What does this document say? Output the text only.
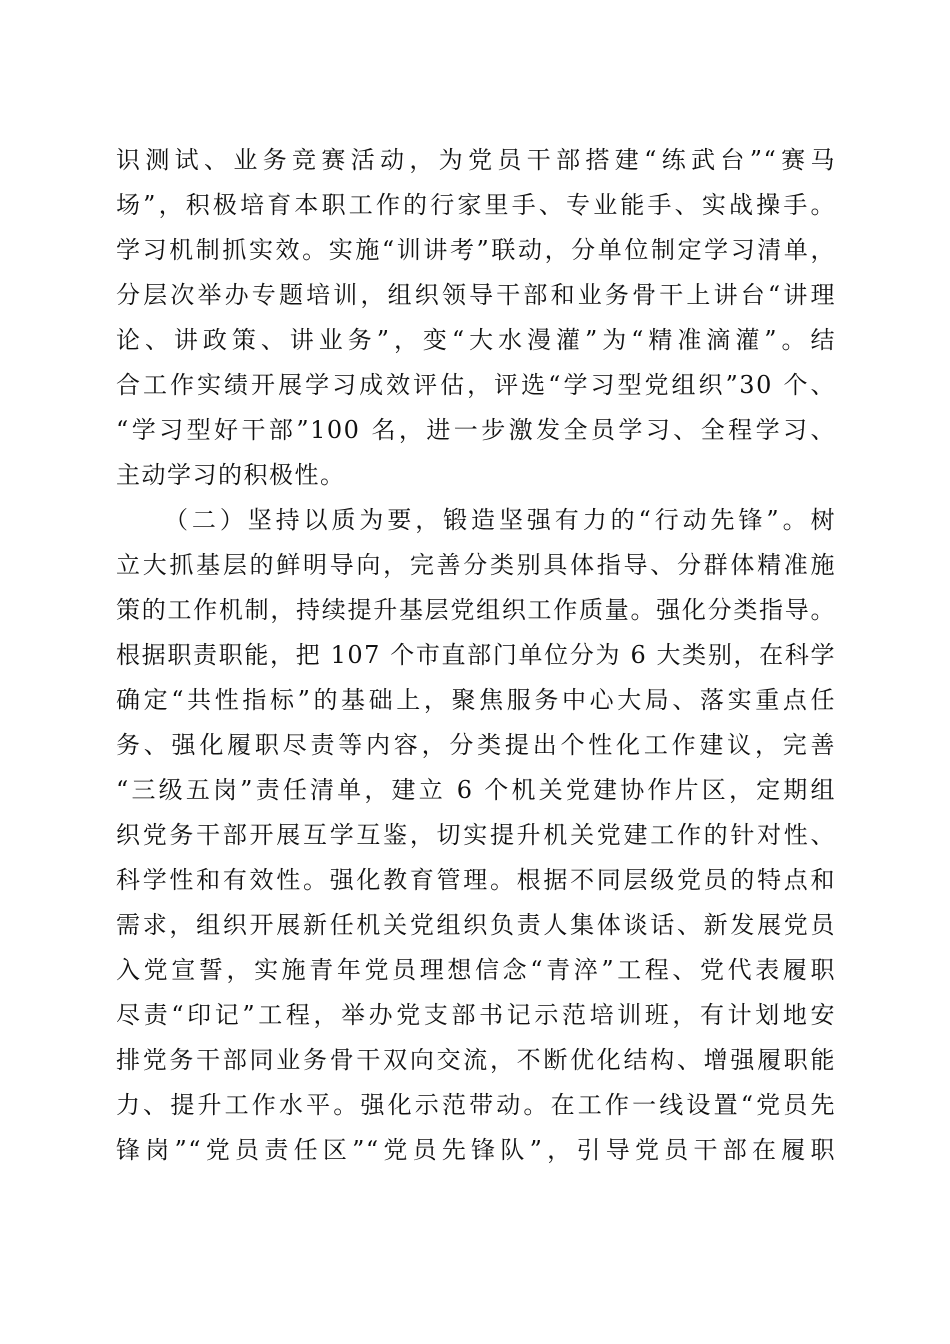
识测试、业务竞赛活动，为党员干部搭建“练武台”“赛马
场”，积极培育本职工作的行家里手、专业能手、实战操手。
学习机制抓实效。实施“训讲考”联动，分单位制定学习清单，
分层次举办专题培训，组织领导干部和业务骨干上讲台“讲理
论、讲政策、讲业务”，变“大水漫灌”为“精准滴灌”。结
合工作实绩开展学习成效评估，评选“学习型党组织”30 个、
“学习型好干部”100 名，进一步激发全员学习、全程学习、
主动学习的积极性。
（二）坚持以质为要，锻造坚强有力的“行动先锋”。树
立大抓基层的鲜明导向，完善分类别具体指导、分群体精准施
策的工作机制，持续提升基层党组织工作质量。强化分类指导。
根据职责职能，把 107 个市直部门单位分为 6 大类别，在科学
确定“共性指标”的基础上，聚焦服务中心大局、落实重点任
务、强化履职尽责等内容，分类提出个性化工作建议，完善
“三级五岗”责任清单，建立 6 个机关党建协作片区，定期组
织党务干部开展互学互鉴，切实提升机关党建工作的针对性、
科学性和有效性。强化教育管理。根据不同层级党员的特点和
需求，组织开展新任机关党组织负责人集体谈话、新发展党员
入党宣誓，实施青年党员理想信念“青淬”工程、党代表履职
尽责“印记”工程，举办党支部书记示范培训班，有计划地安
排党务干部同业务骨干双向交流，不断优化结构、增强履职能
力、提升工作水平。强化示范带动。在工作一线设置“党员先
锋岗”“党员责任区”“党员先锋队”，引导党员干部在履职
